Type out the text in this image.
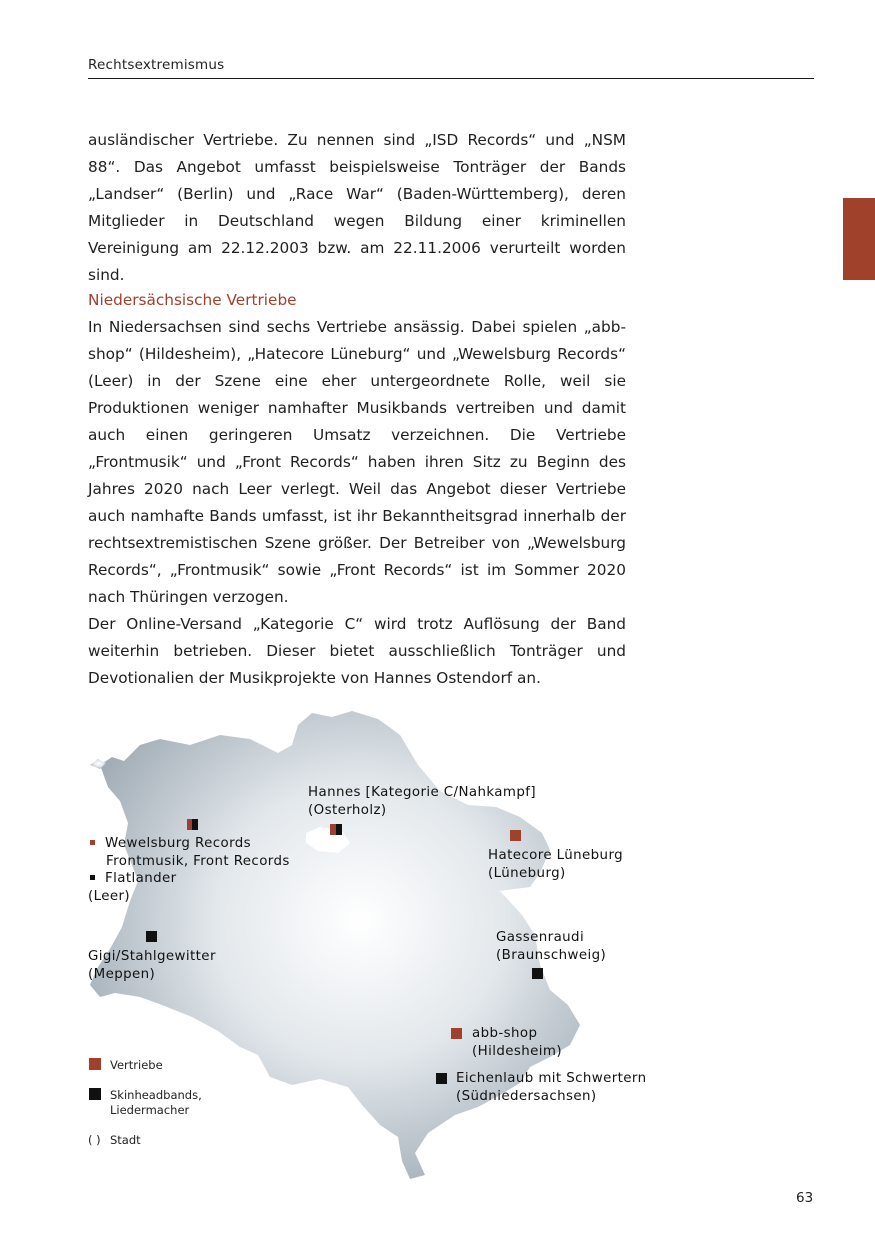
Rechtsextremismus

ausländischer Vertriebe. Zu nennen sind „ISD Records“ und „NSM 88“. Das Angebot umfasst beispielsweise Tonträger der Bands „Landser“ (Berlin) und „Race War“ (Baden-Württemberg), deren Mitglieder in Deutschland wegen Bildung einer kriminellen Vereinigung am 22.12.2003 bzw. am 22.11.2006 verurteilt worden sind.

Niedersächsische Vertriebe

In Niedersachsen sind sechs Vertriebe ansässig. Dabei spielen „abb-shop“ (Hildesheim), „Hatecore Lüneburg“ und „Wewelsburg Records“ (Leer) in der Szene eine eher untergeordnete Rolle, weil sie Produktionen weniger namhafter Musikbands vertreiben und damit auch einen geringeren Umsatz verzeichnen. Die Vertriebe „Frontmusik“ und „Front Records“ haben ihren Sitz zu Beginn des Jahres 2020 nach Leer verlegt. Weil das Angebot dieser Vertriebe auch namhafte Bands umfasst, ist ihr Bekanntheitsgrad innerhalb der rechtsextremistischen Szene größer. Der Betreiber von „Wewelsburg Records“, „Frontmusik“ sowie „Front Records“ ist im Sommer 2020 nach Thüringen verzogen.

Der Online-Versand „Kategorie C“ wird trotz Auflösung der Band weiterhin betrieben. Dieser bietet ausschließlich Tonträger und Devotionalien der Musikprojekte von Hannes Ostendorf an.

Hannes [Kategorie C/Nahkampf]
(Osterholz)
Wewelsburg Records
Frontmusik, Front Records
Flatlander
(Leer)
Hatecore Lüneburg
(Lüneburg)
Gigi/Stahlgewitter
(Meppen)
Gassenraudi
(Braunschweig)
abb-shop
(Hildesheim)
Eichenlaub mit Schwertern
(Südniedersachsen)
Vertriebe
Skinheadbands,
Liedermacher
( ) Stadt
63
